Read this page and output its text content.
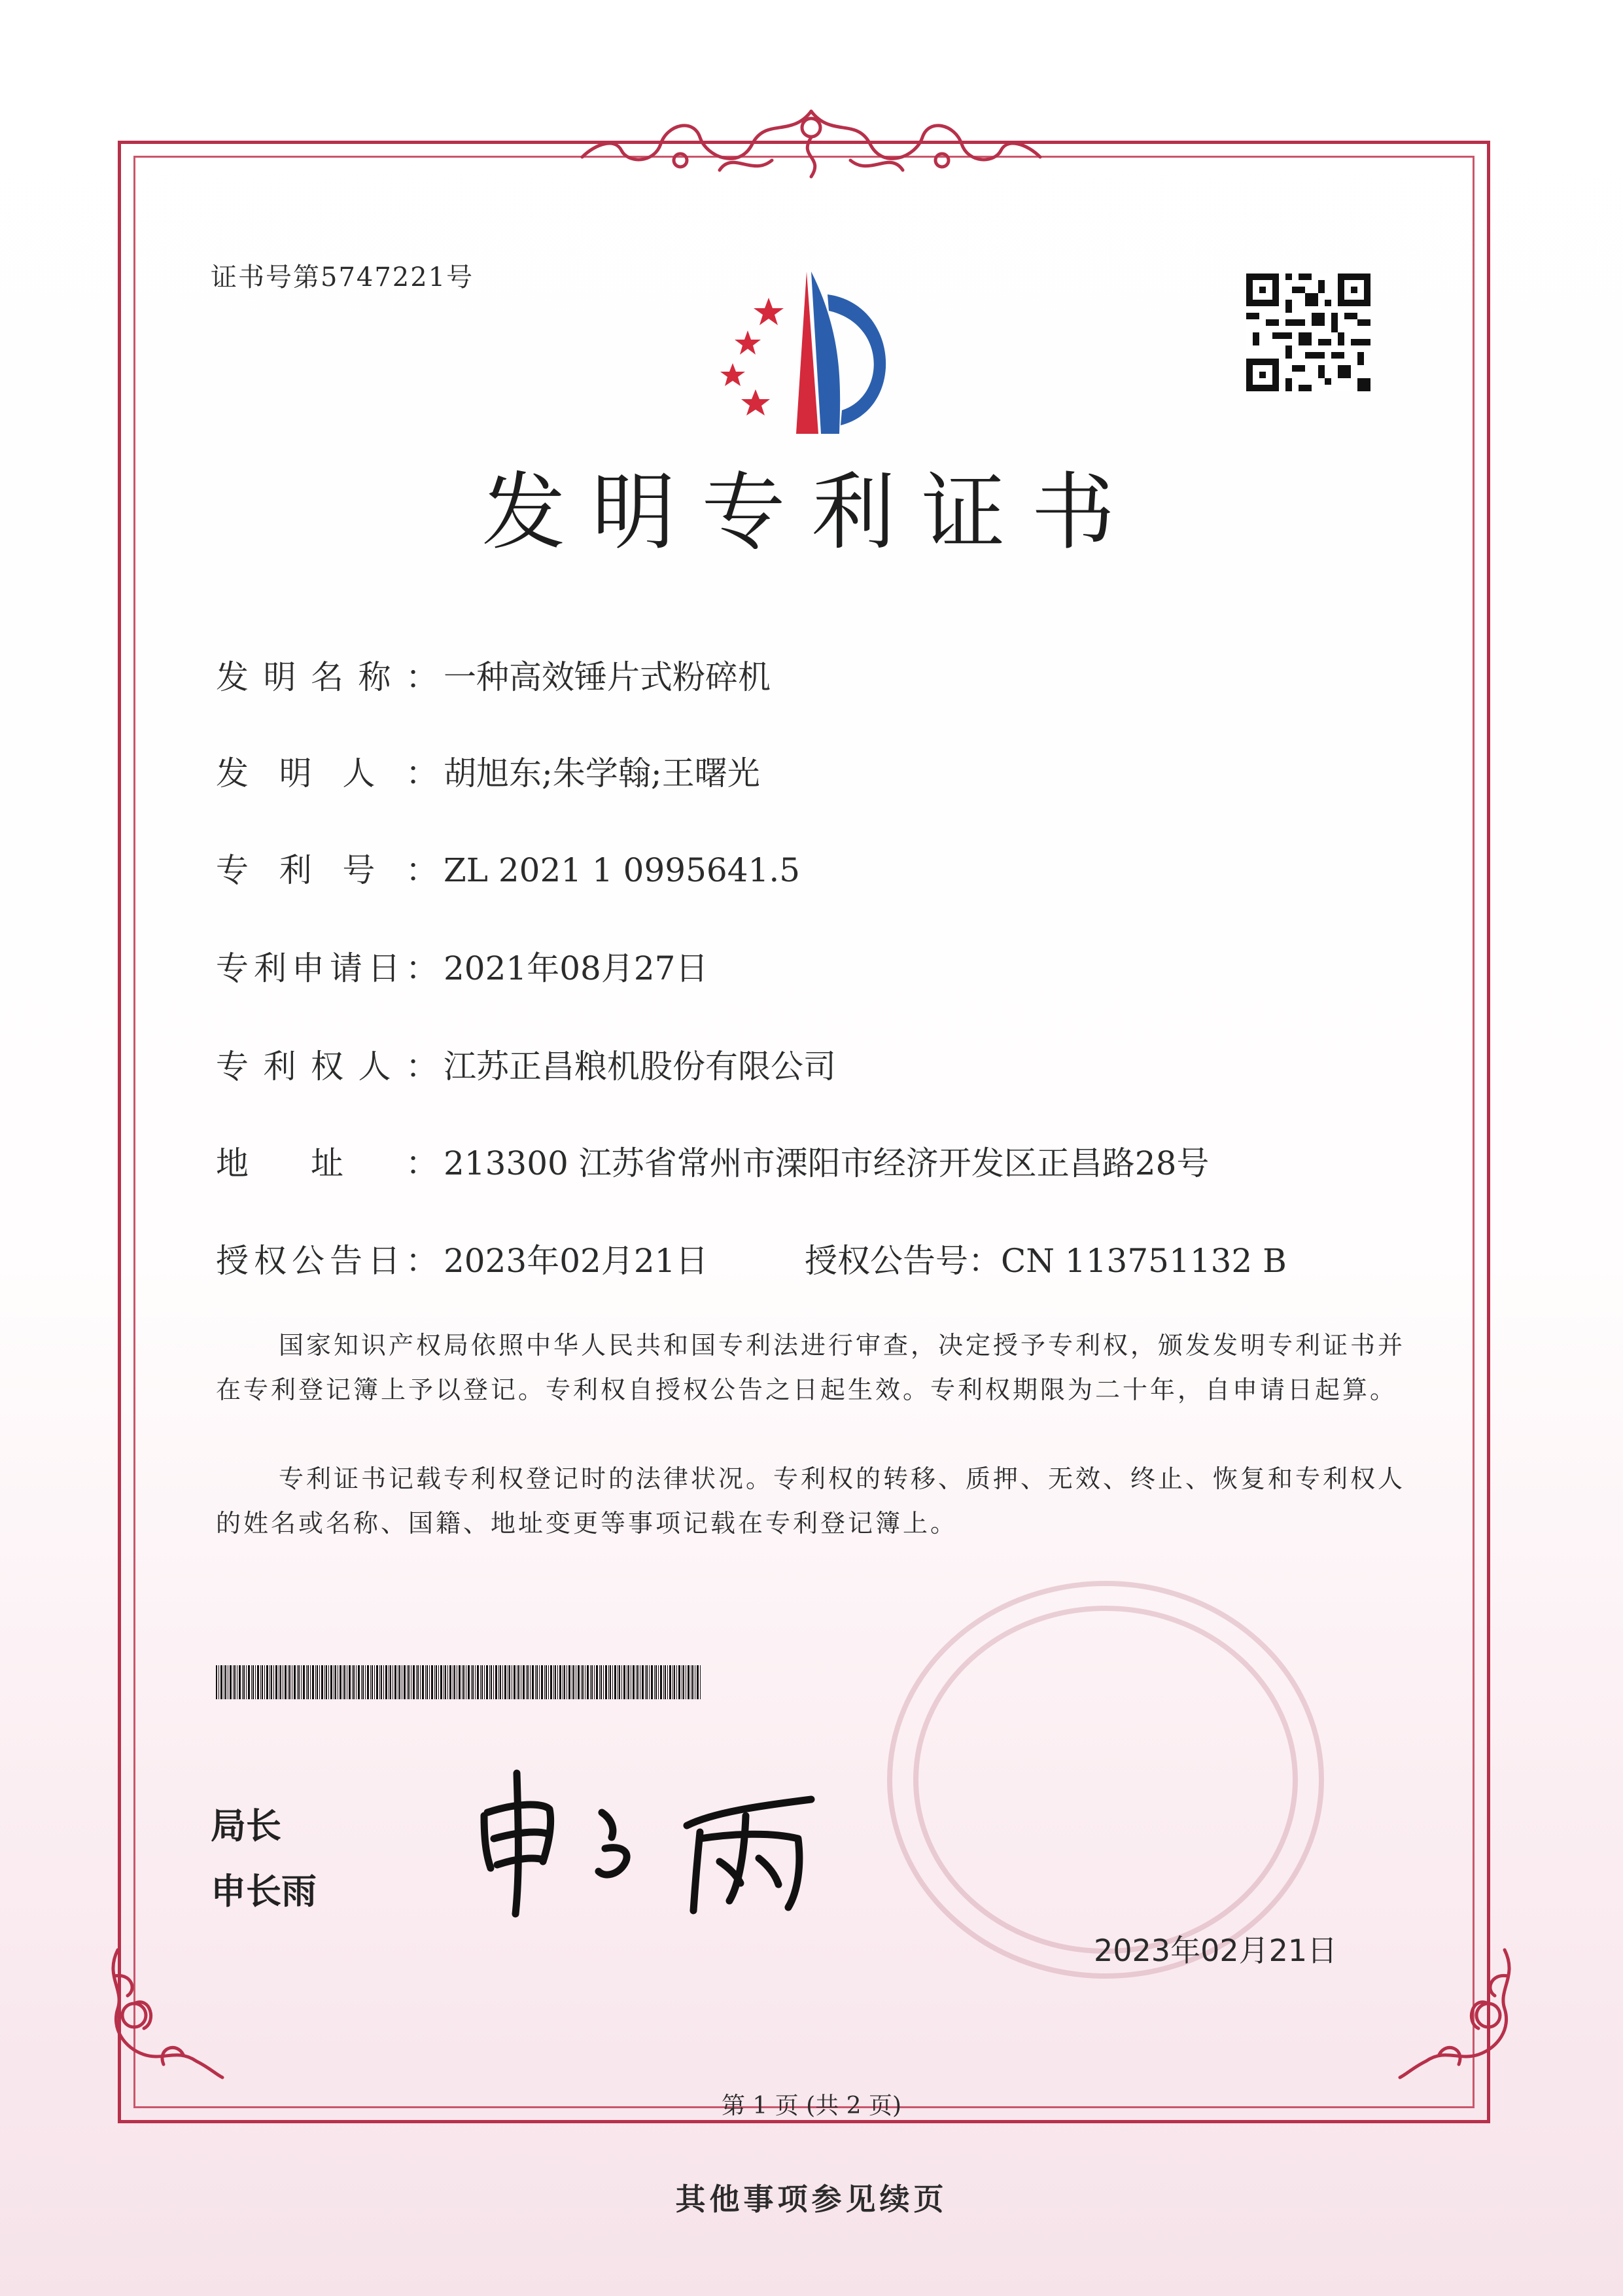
证书号第5747221号
发明专利证书
发明名称： 一种高效锤片式粉碎机
发明人： 胡旭东;朱学翰;王曙光
专利号： ZL 2021 1 0995641.5
专利申请日： 2021年08月27日
专利权人： 江苏正昌粮机股份有限公司
地址： 213300 江苏省常州市溧阳市经济开发区正昌路28号
授权公告日： 2023年02月21日	授权公告号：CN 113751132 B

国家知识产权局依照中华人民共和国专利法进行审查，决定授予专利权，颁发发明专利证书并在专利登记簿上予以登记。专利权自授权公告之日起生效。专利权期限为二十年，自申请日起算。

专利证书记载专利权登记时的法律状况。专利权的转移、质押、无效、终止、恢复和专利权人的姓名或名称、国籍、地址变更等事项记载在专利登记簿上。

局长
申长雨
2023年02月21日
第 1 页 (共 2 页)
其他事项参见续页
